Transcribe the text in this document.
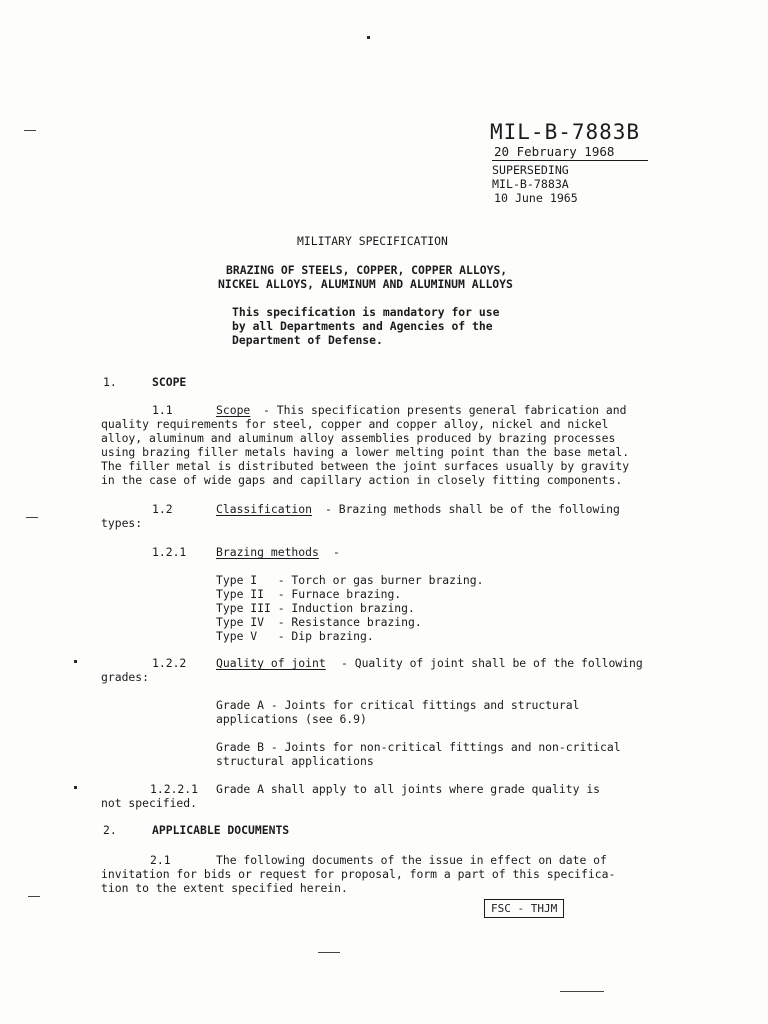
MIL-B-7883B
20 February 1968
SUPERSEDING
MIL-B-7883A
10 June 1965
MILITARY SPECIFICATION
BRAZING OF STEELS, COPPER, COPPER ALLOYS,
NICKEL ALLOYS, ALUMINUM AND ALUMINUM ALLOYS
This specification is mandatory for use
by all Departments and Agencies of the
Department of Defense.
1.	SCOPE
1.1	Scope - This specification presents general fabrication and
quality requirements for steel, copper and copper alloy, nickel and nickel
alloy, aluminum and aluminum alloy assemblies produced by brazing processes
using brazing filler metals having a lower melting point than the base metal.
The filler metal is distributed between the joint surfaces usually by gravity
in the case of wide gaps and capillary action in closely fitting components.
1.2	Classification - Brazing methods shall be of the following
types:
1.2.1	Brazing methods -
Type I   - Torch or gas burner brazing.
Type II  - Furnace brazing.
Type III - Induction brazing.
Type IV  - Resistance brazing.
Type V   - Dip brazing.
1.2.2	Quality of joint - Quality of joint shall be of the following
grades:
Grade A - Joints for critical fittings and structural
applications (see 6.9)
Grade B - Joints for non-critical fittings and non-critical
structural applications
1.2.2.1 Grade A shall apply to all joints where grade quality is
not specified.
2.	APPLICABLE DOCUMENTS
2.1	The following documents of the issue in effect on date of
invitation for bids or request for proposal, form a part of this specifica-
tion to the extent specified herein.
FSC - THJM
